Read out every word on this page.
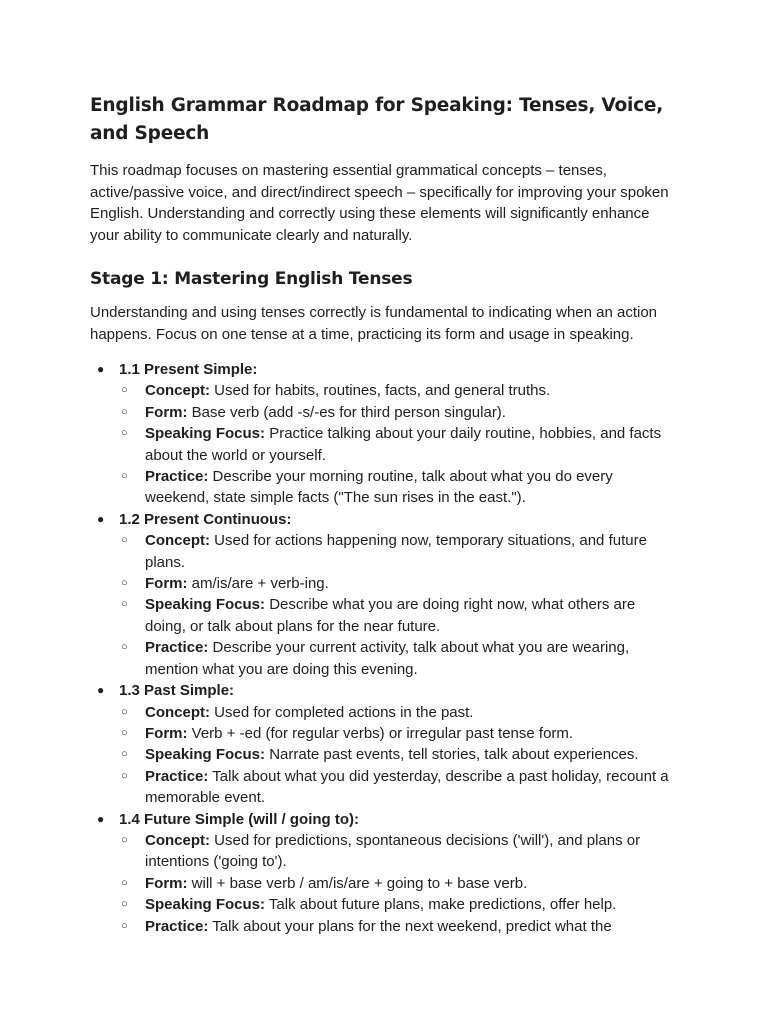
English Grammar Roadmap for Speaking: Tenses, Voice, and Speech

This roadmap focuses on mastering essential grammatical concepts – tenses, active/passive voice, and direct/indirect speech – specifically for improving your spoken English. Understanding and correctly using these elements will significantly enhance your ability to communicate clearly and naturally.

Stage 1: Mastering English Tenses

Understanding and using tenses correctly is fundamental to indicating when an action happens. Focus on one tense at a time, practicing its form and usage in speaking.

● 1.1 Present Simple:
○ Concept: Used for habits, routines, facts, and general truths.
○ Form: Base verb (add -s/-es for third person singular).
○ Speaking Focus: Practice talking about your daily routine, hobbies, and facts about the world or yourself.
○ Practice: Describe your morning routine, talk about what you do every weekend, state simple facts ("The sun rises in the east.").
● 1.2 Present Continuous:
○ Concept: Used for actions happening now, temporary situations, and future plans.
○ Form: am/is/are + verb-ing.
○ Speaking Focus: Describe what you are doing right now, what others are doing, or talk about plans for the near future.
○ Practice: Describe your current activity, talk about what you are wearing, mention what you are doing this evening.
● 1.3 Past Simple:
○ Concept: Used for completed actions in the past.
○ Form: Verb + -ed (for regular verbs) or irregular past tense form.
○ Speaking Focus: Narrate past events, tell stories, talk about experiences.
○ Practice: Talk about what you did yesterday, describe a past holiday, recount a memorable event.
● 1.4 Future Simple (will / going to):
○ Concept: Used for predictions, spontaneous decisions ('will'), and plans or intentions ('going to').
○ Form: will + base verb / am/is/are + going to + base verb.
○ Speaking Focus: Talk about future plans, make predictions, offer help.
○ Practice: Talk about your plans for the next weekend, predict what the
